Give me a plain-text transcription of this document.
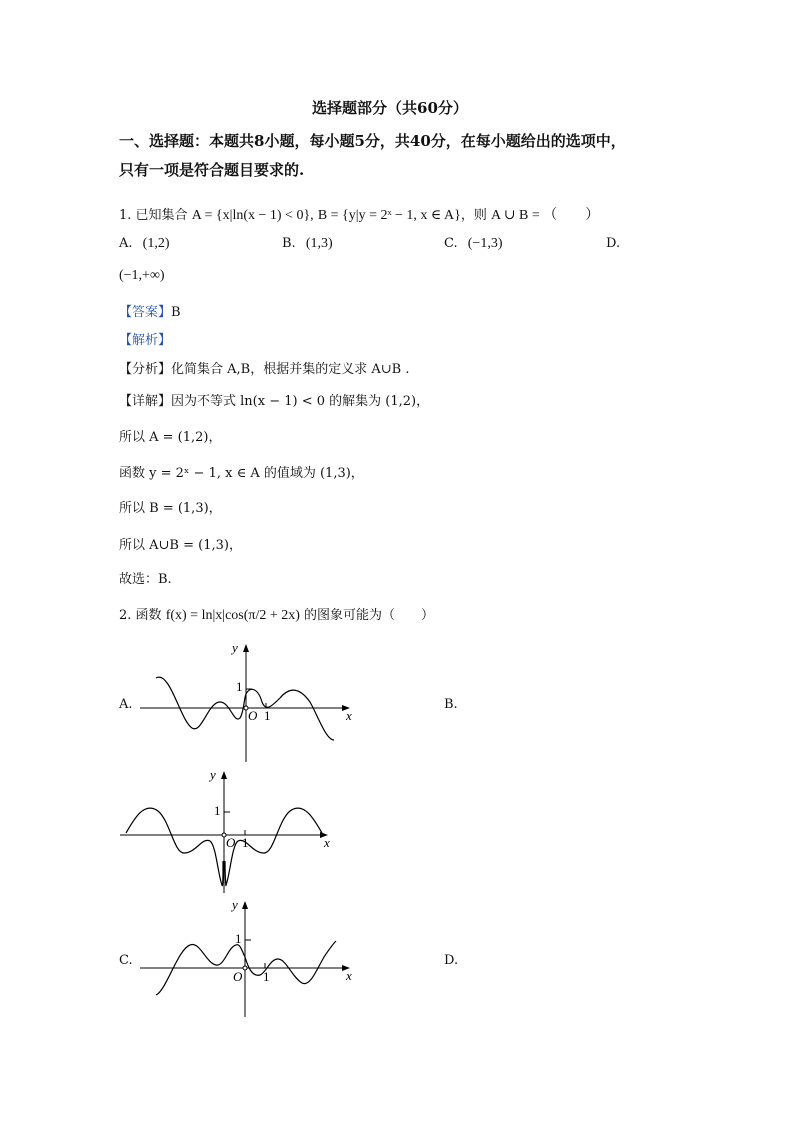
选择题部分（共60分）
一、选择题：本题共8小题，每小题5分，共40分，在每小题给出的选项中，
只有一项是符合题目要求的.
1. 已知集合 A = {x|ln(x − 1) < 0}, B = {y|y = 2ˣ − 1, x ∈ A}，则 A ∪ B = （　　）
A. (1,2)	B. (1,3)	C. (−1,3)	D.
(−1,+∞)
【答案】B
【解析】
【分析】化简集合 A,B，根据并集的定义求 A∪B .
【详解】因为不等式 ln(x − 1) < 0 的解集为 (1,2)，
所以 A = (1,2)，
函数 y = 2ˣ − 1, x ∈ A 的值域为 (1,3)，
所以 B = (1,3)，
所以 A∪B = (1,3)，
故选：B.
2. 函数 f(x) = ln|x|cos(π/2 + 2x) 的图象可能为（　　）
A.	B.
C.	D.
y
1
O 1	x
y
1
O 1	x
y
1
O 1	x
